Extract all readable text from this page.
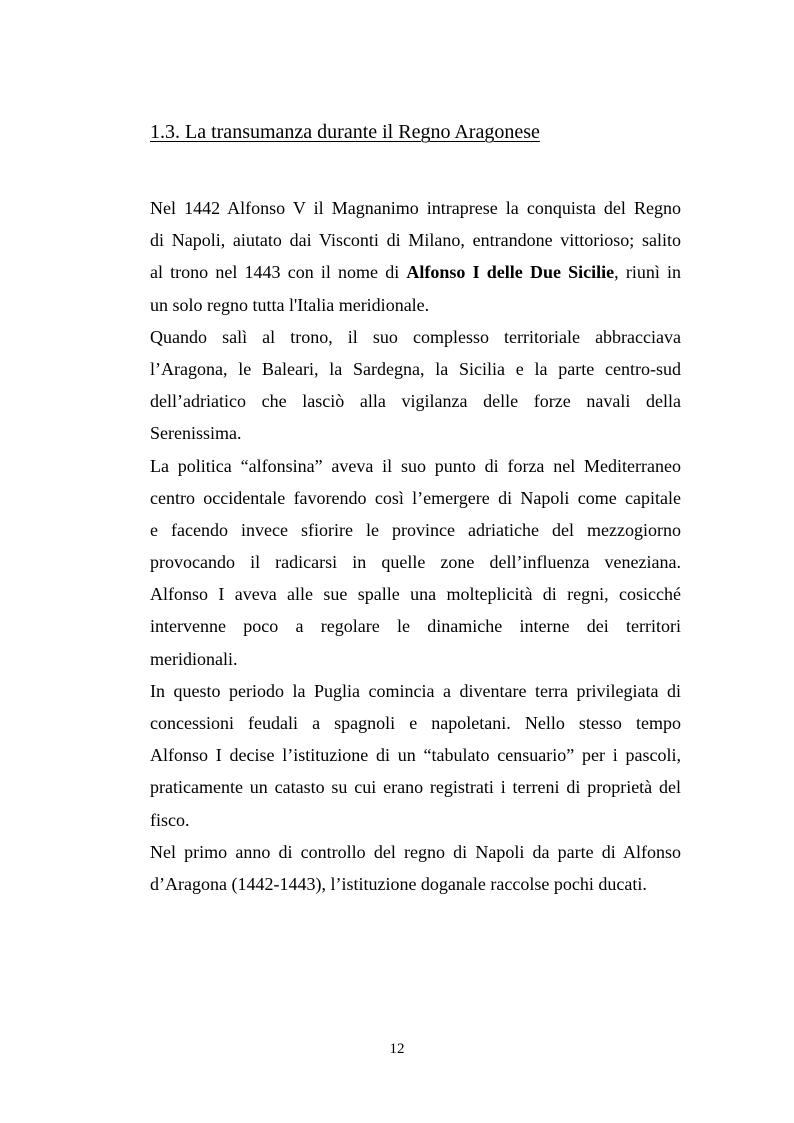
1.3. La transumanza durante il Regno Aragonese
Nel 1442 Alfonso V il Magnanimo intraprese la conquista del Regno
di Napoli, aiutato dai Visconti di Milano, entrandone vittorioso; salito
al trono nel 1443 con il nome di Alfonso I delle Due Sicilie, riunì in
un solo regno tutta l'Italia meridionale.
Quando salì al trono, il suo complesso territoriale abbracciava
l’Aragona, le Baleari, la Sardegna, la Sicilia e la parte centro-sud
dell’adriatico che lasciò alla vigilanza delle forze navali della
Serenissima.
La politica “alfonsina” aveva il suo punto di forza nel Mediterraneo
centro occidentale favorendo così l’emergere di Napoli come capitale
e facendo invece sfiorire le province adriatiche del mezzogiorno
provocando il radicarsi in quelle zone dell’influenza veneziana.
Alfonso I aveva alle sue spalle una molteplicità di regni, cosicché
intervenne poco a regolare le dinamiche interne dei territori
meridionali.
In questo periodo la Puglia comincia a diventare terra privilegiata di
concessioni feudali a spagnoli e napoletani. Nello stesso tempo
Alfonso I decise l’istituzione di un “tabulato censuario” per i pascoli,
praticamente un catasto su cui erano registrati i terreni di proprietà del
fisco.
Nel primo anno di controllo del regno di Napoli da parte di Alfonso
d’Aragona (1442-1443), l’istituzione doganale raccolse pochi ducati.
12
